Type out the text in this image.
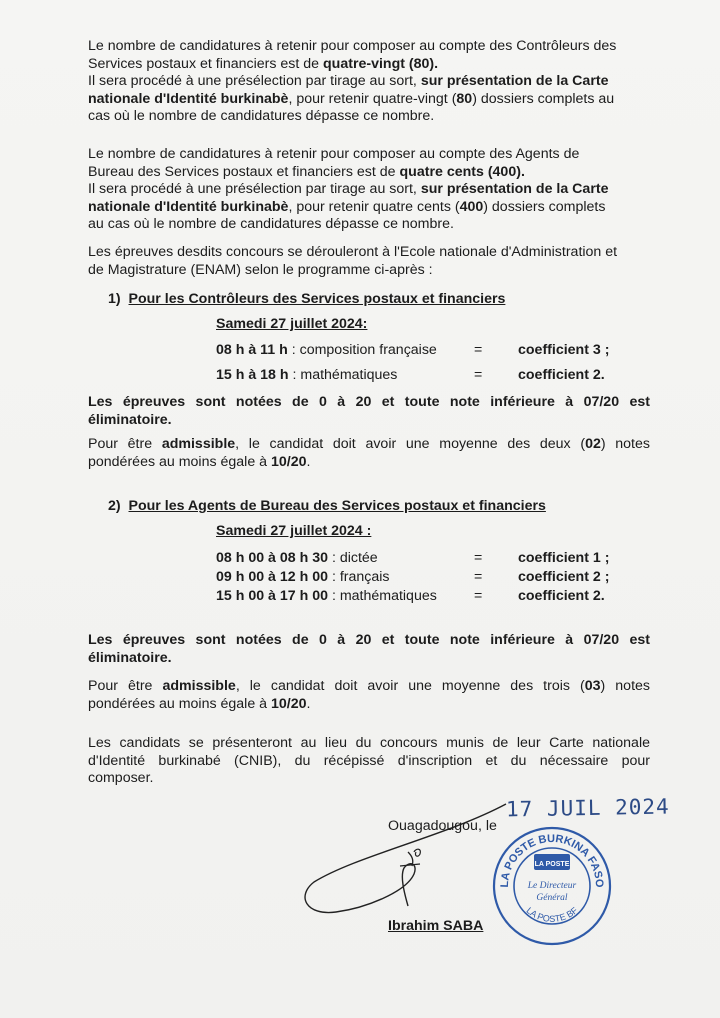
Le nombre de candidatures à retenir pour composer au compte des Contrôleurs des
Services postaux et financiers est de quatre-vingt (80).
Il sera procédé à une présélection par tirage au sort, sur présentation de la Carte
nationale d'Identité burkinabè, pour retenir quatre-vingt (80) dossiers complets au
cas où le nombre de candidatures dépasse ce nombre.
Le nombre de candidatures à retenir pour composer au compte des Agents de
Bureau des Services postaux et financiers est de quatre cents (400).
Il sera procédé à une présélection par tirage au sort, sur présentation de la Carte
nationale d'Identité burkinabè, pour retenir quatre cents (400) dossiers complets
au cas où le nombre de candidatures dépasse ce nombre.
Les épreuves desdits concours se dérouleront à l'Ecole nationale d'Administration et
de Magistrature (ENAM) selon le programme ci-après :
1) Pour les Contrôleurs des Services postaux et financiers
Samedi 27 juillet 2024:
08 h à 11 h : composition française	=	coefficient 3 ;
15 h à 18 h : mathématiques	=	coefficient 2.
Les épreuves sont notées de 0 à 20 et toute note inférieure à 07/20 est
éliminatoire.
Pour être admissible, le candidat doit avoir une moyenne des deux (02) notes
pondérées au moins égale à 10/20.
2) Pour les Agents de Bureau des Services postaux et financiers
Samedi 27 juillet 2024 :
08 h 00 à 08 h 30 : dictée	=	coefficient 1 ;
09 h 00 à 12 h 00 : français	=	coefficient 2 ;
15 h 00 à 17 h 00 : mathématiques	=	coefficient 2.
Les épreuves sont notées de 0 à 20 et toute note inférieure à 07/20 est
éliminatoire.
Pour être admissible, le candidat doit avoir une moyenne des trois (03) notes
pondérées au moins égale à 10/20.
Les candidats se présenteront au lieu du concours munis de leur Carte nationale
d'Identité burkinabé (CNIB), du récépissé d'inscription et du nécessaire pour
composer.
Ouagadougou, le
17 JUIL 2024
LA POSTE BURKINA FASO
LA POSTE
Le Directeur
Général
LA POSTE BF
Ibrahim SABA
